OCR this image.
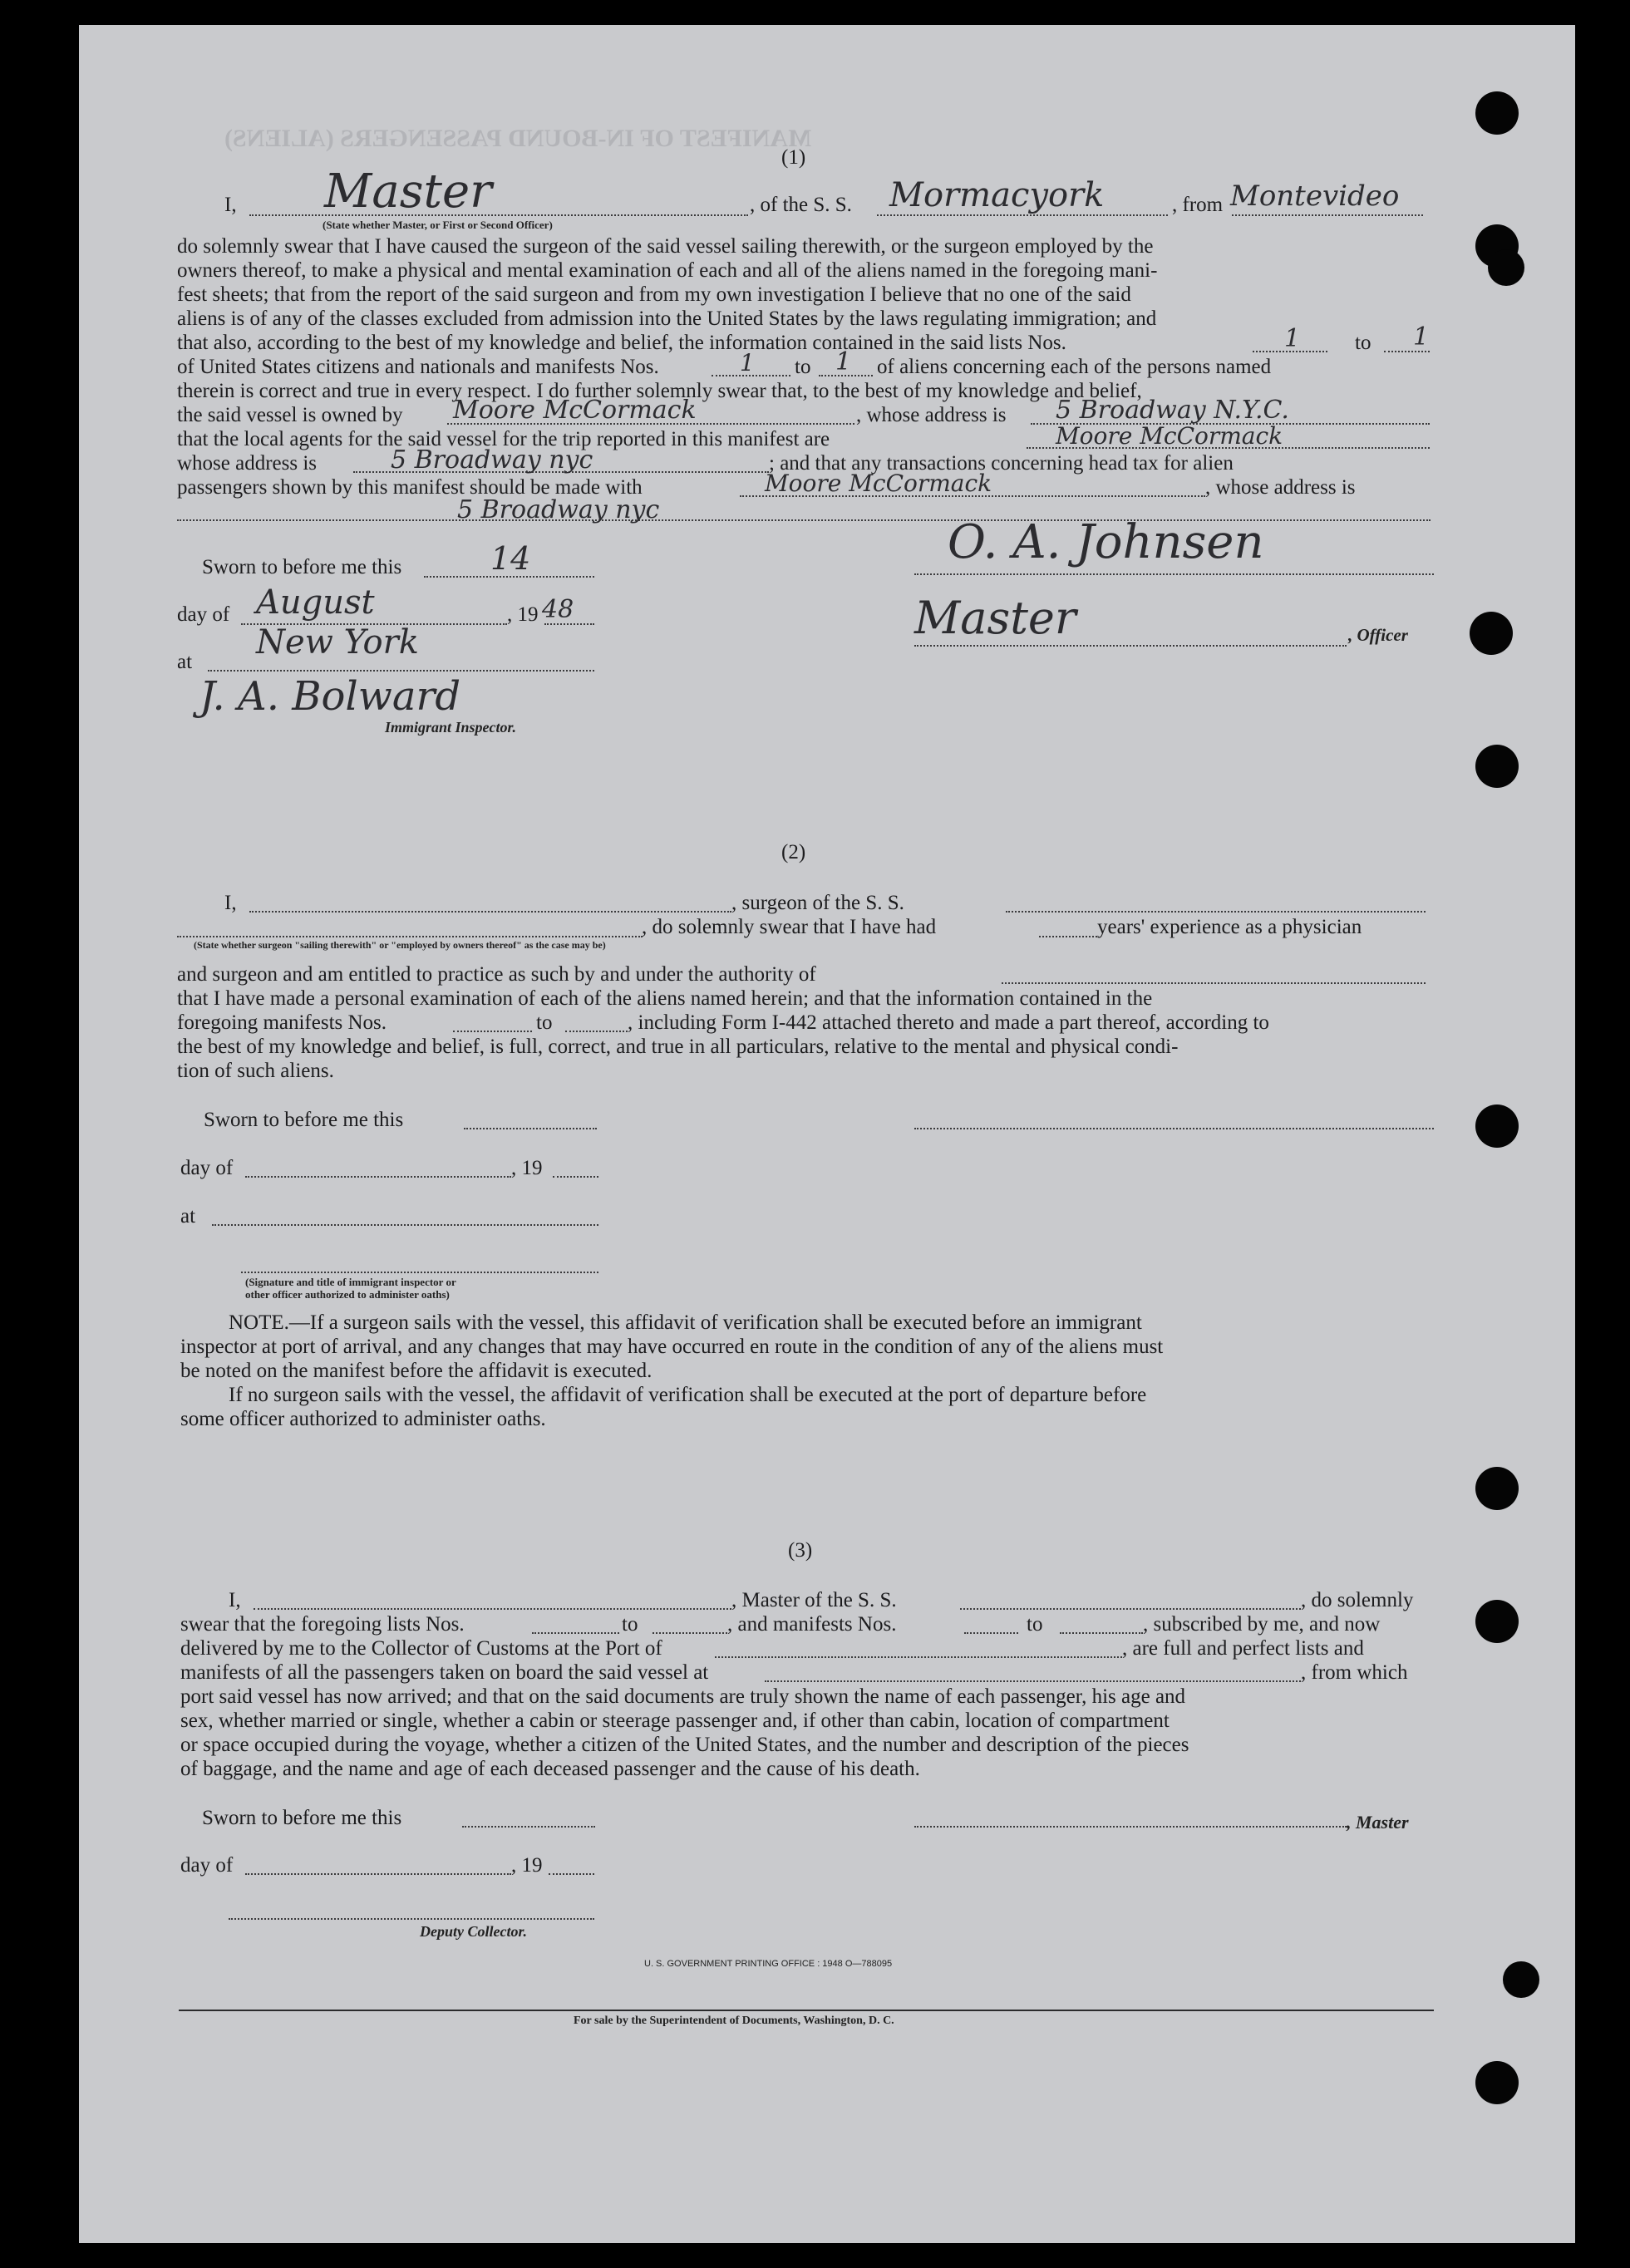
MANIFEST OF IN-BOUND PASSENGERS (ALIENS)
(1)
I, Master
(State whether Master, or First or Second Officer)
, of the S. S. Mormacyork	, from Montevideo
do solemnly swear that I have caused the surgeon of the said vessel sailing therewith, or the surgeon employed by the
owners thereof, to make a physical and mental examination of each and all of the aliens named in the foregoing mani-
fest sheets; that from the report of the said surgeon and from my own investigation I believe that no one of the said
aliens is of any of the classes excluded from admission into the United States by the laws regulating immigration; and
that also, according to the best of my knowledge and belief, the information contained in the said lists Nos.	1	to 1
of United States citizens and nationals and manifests Nos.	1 to 1 of aliens concerning each of the persons named
therein is correct and true in every respect. I do further solemnly swear that, to the best of my knowledge and belief,
the said vessel is owned by Moore McCormack	, whose address is 5 Broadway N.Y.C.
that the local agents for the said vessel for the trip reported in this manifest are	Moore McCormack
whose address is	5 Broadway nyc	; and that any transactions concerning head tax for alien
passengers shown by this manifest should be made with	Moore McCormack	, whose address is
5 Broadway nyc
Sworn to before me this	14
day of August	, 19 48
at
New York
J. A. Bolward
Immigrant Inspector.
O. A. Johnsen
Master	, Officer
(2)
I,	, surgeon of the S. S.
, do solemnly swear that I have had	years' experience as a physician
(State whether surgeon "sailing therewith" or "employed by owners thereof" as the case may be)
and surgeon and am entitled to practice as such by and under the authority of
that I have made a personal examination of each of the aliens named herein; and that the information contained in the
foregoing manifests Nos.	to	, including Form I-442 attached thereto and made a part thereof, according to
the best of my knowledge and belief, is full, correct, and true in all particulars, relative to the mental and physical condi-
tion of such aliens.
Sworn to before me this
day of	, 19
at
(Signature and title of immigrant inspector or
other officer authorized to administer oaths)
NOTE.—If a surgeon sails with the vessel, this affidavit of verification shall be executed before an immigrant
inspector at port of arrival, and any changes that may have occurred en route in the condition of any of the aliens must
be noted on the manifest before the affidavit is executed.
If no surgeon sails with the vessel, the affidavit of verification shall be executed at the port of departure before
some officer authorized to administer oaths.
(3)
I,	, Master of the S. S.	, do solemnly
swear that the foregoing lists Nos.	to	, and manifests Nos.	to	, subscribed by me, and now
delivered by me to the Collector of Customs at the Port of	, are full and perfect lists and
manifests of all the passengers taken on board the said vessel at	, from which
port said vessel has now arrived; and that on the said documents are truly shown the name of each passenger, his age and
sex, whether married or single, whether a cabin or steerage passenger and, if other than cabin, location of compartment
or space occupied during the voyage, whether a citizen of the United States, and the number and description of the pieces
of baggage, and the name and age of each deceased passenger and the cause of his death.
Sworn to before me this	, Master
day of	, 19
Deputy Collector.
U. S. GOVERNMENT PRINTING OFFICE : 1948 O—788095
For sale by the Superintendent of Documents, Washington, D. C.
